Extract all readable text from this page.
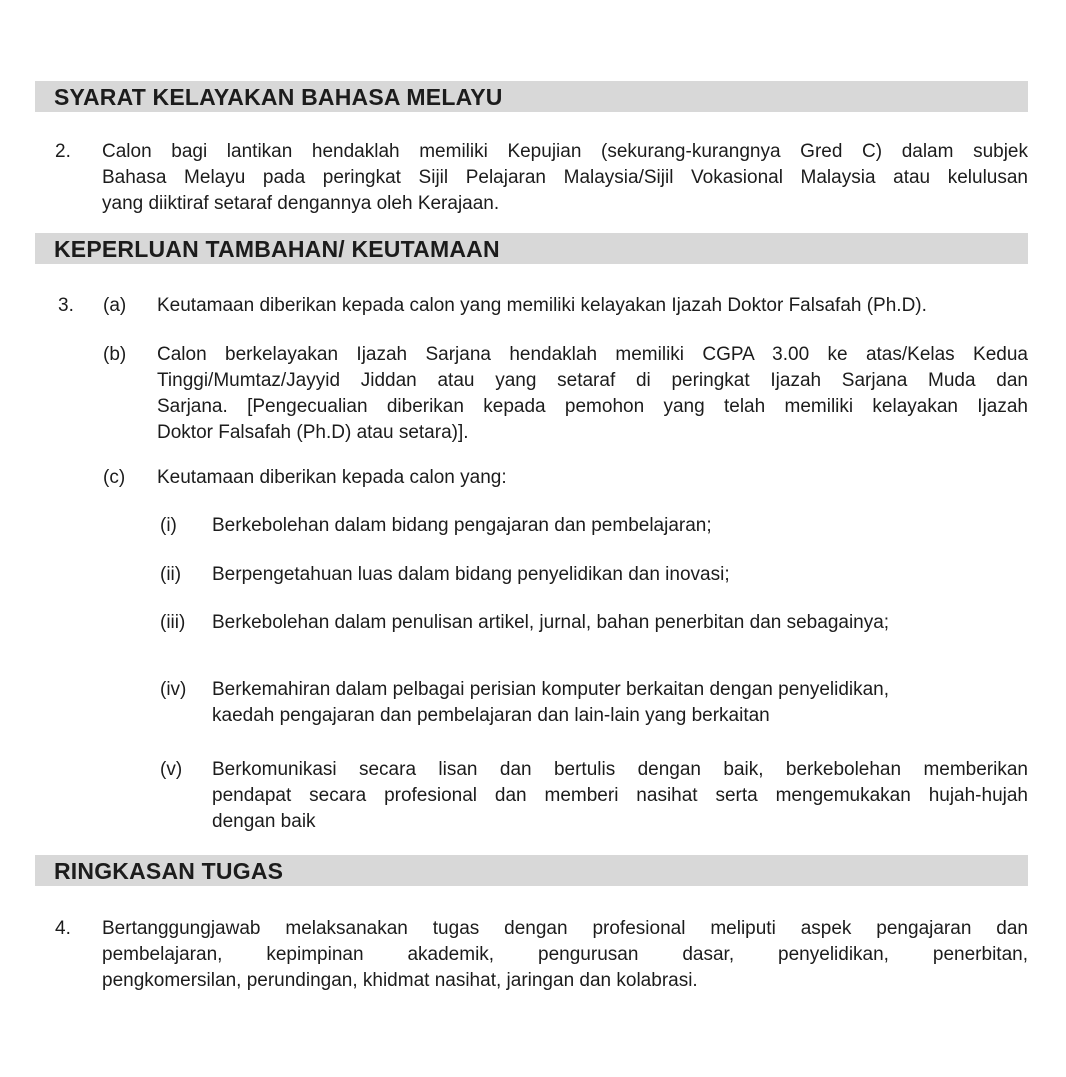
SYARAT KELAYAKAN BAHASA MELAYU
2.	Calon bagi lantikan hendaklah memiliki Kepujian (sekurang-kurangnya Gred C) dalam subjek
Bahasa Melayu pada peringkat Sijil Pelajaran Malaysia/Sijil Vokasional Malaysia atau kelulusan
yang diiktiraf setaraf dengannya oleh Kerajaan.
KEPERLUAN TAMBAHAN/ KEUTAMAAN
3.	(a)	Keutamaan diberikan kepada calon yang memiliki kelayakan Ijazah Doktor Falsafah (Ph.D).
(b)	Calon berkelayakan Ijazah Sarjana hendaklah memiliki CGPA 3.00 ke atas/Kelas Kedua
Tinggi/Mumtaz/Jayyid Jiddan atau yang setaraf di peringkat Ijazah Sarjana Muda dan
Sarjana. [Pengecualian diberikan kepada pemohon yang telah memiliki kelayakan Ijazah
Doktor Falsafah (Ph.D) atau setara)].
(c)	Keutamaan diberikan kepada calon yang:
(i)	Berkebolehan dalam bidang pengajaran dan pembelajaran;
(ii)	Berpengetahuan luas dalam bidang penyelidikan dan inovasi;
(iii)	Berkebolehan dalam penulisan artikel, jurnal, bahan penerbitan dan sebagainya;
(iv)	Berkemahiran dalam pelbagai perisian komputer berkaitan dengan penyelidikan,
kaedah pengajaran dan pembelajaran dan lain-lain yang berkaitan
(v)	Berkomunikasi secara lisan dan bertulis dengan baik, berkebolehan memberikan
pendapat secara profesional dan memberi nasihat serta mengemukakan hujah-hujah
dengan baik
RINGKASAN TUGAS
4.	Bertanggungjawab melaksanakan tugas dengan profesional meliputi aspek pengajaran dan
pembelajaran, kepimpinan akademik, pengurusan dasar, penyelidikan, penerbitan,
pengkomersilan, perundingan, khidmat nasihat, jaringan dan kolabrasi.
